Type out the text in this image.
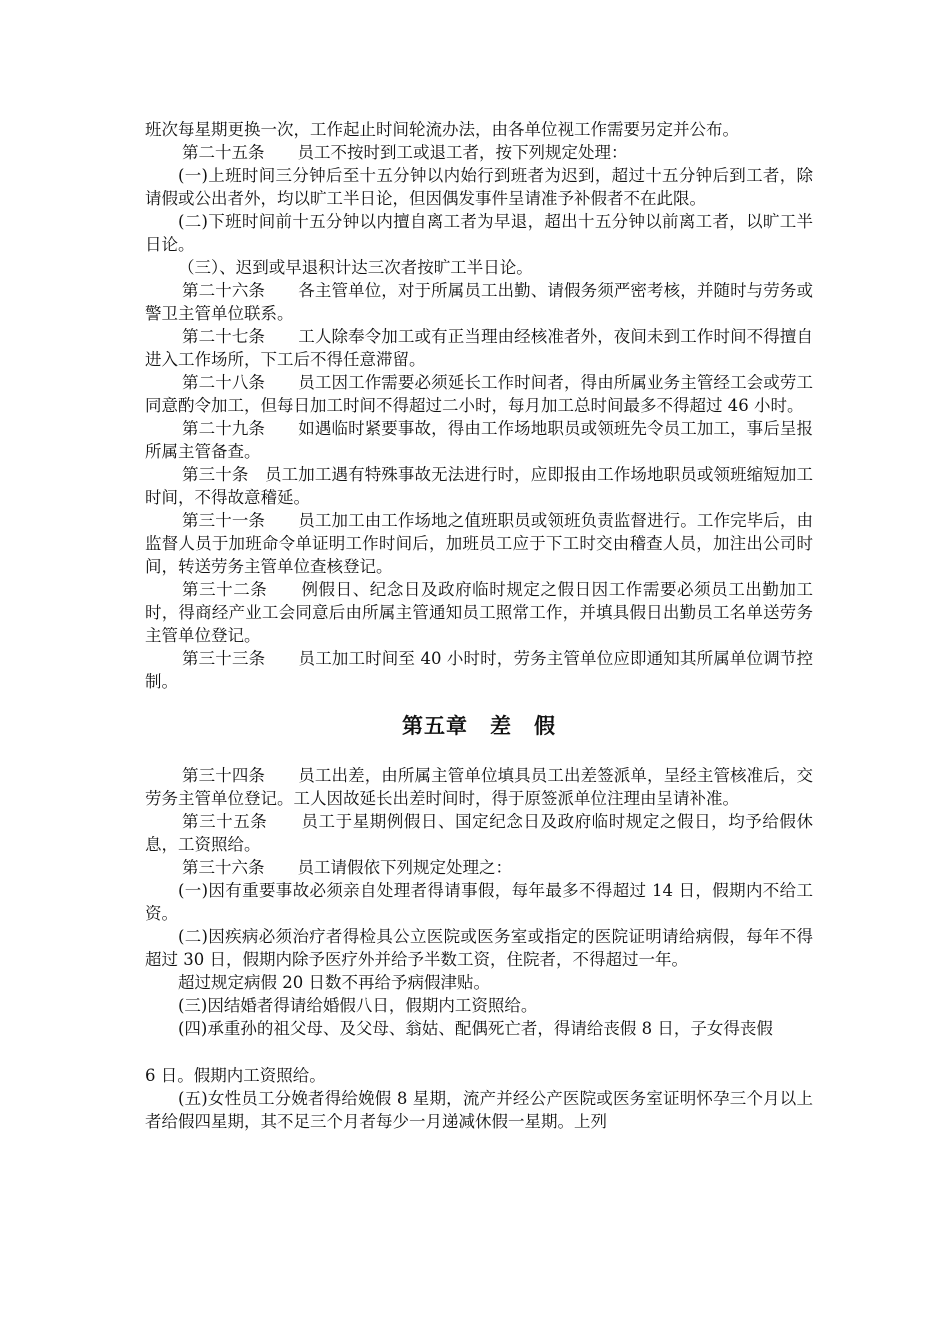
班次每星期更换一次，工作起止时间轮流办法，由各单位视工作需要另定并公布。

第二十五条　　员工不按时到工或退工者，按下列规定处理：

(一)上班时间三分钟后至十五分钟以内始行到班者为迟到，超过十五分钟后到工者，除请假或公出者外，均以旷工半日论，但因偶发事件呈请准予补假者不在此限。

(二)下班时间前十五分钟以内擅自离工者为早退，超出十五分钟以前离工者，以旷工半日论。

（三）、迟到或早退积计达三次者按旷工半日论。

第二十六条　　各主管单位，对于所属员工出勤、请假务须严密考核，并随时与劳务或警卫主管单位联系。

第二十七条　　工人除奉令加工或有正当理由经核准者外，夜间未到工作时间不得擅自进入工作场所，下工后不得任意滞留。

第二十八条　　员工因工作需要必须延长工作时间者，得由所属业务主管经工会或劳工同意酌令加工，但每日加工时间不得超过二小时，每月加工总时间最多不得超过 46 小时。

第二十九条　　如遇临时紧要事故，得由工作场地职员或领班先令员工加工，事后呈报所属主管备查。

第三十条　员工加工遇有特殊事故无法进行时，应即报由工作场地职员或领班缩短加工时间，不得故意稽延。

第三十一条　　员工加工由工作场地之值班职员或领班负责监督进行。工作完毕后，由监督人员于加班命令单证明工作时间后，加班员工应于下工时交由稽查人员，加注出公司时间，转送劳务主管单位查核登记。

第三十二条　　例假日、纪念日及政府临时规定之假日因工作需要必须员工出勤加工时，得商经产业工会同意后由所属主管通知员工照常工作，并填具假日出勤员工名单送劳务主管单位登记。

第三十三条　　员工加工时间至 40 小时时，劳务主管单位应即通知其所属单位调节控制。

第五章　差　假

第三十四条　　员工出差，由所属主管单位填具员工出差签派单，呈经主管核准后，交劳务主管单位登记。工人因故延长出差时间时，得于原签派单位注理由呈请补准。

第三十五条　　员工于星期例假日、国定纪念日及政府临时规定之假日，均予给假休息，工资照给。

第三十六条　　员工请假依下列规定处理之：

(一)因有重要事故必须亲自处理者得请事假，每年最多不得超过 14 日，假期内不给工资。

(二)因疾病必须治疗者得检具公立医院或医务室或指定的医院证明请给病假，每年不得超过 30 日，假期内除予医疗外并给予半数工资，住院者，不得超过一年。

超过规定病假 20 日数不再给予病假津贴。

(三)因结婚者得请给婚假八日，假期内工资照给。

(四)承重孙的祖父母、及父母、翁姑、配偶死亡者，得请给丧假 8 日，子女得丧假

6 日。假期内工资照给。

(五)女性员工分娩者得给娩假 8 星期，流产并经公产医院或医务室证明怀孕三个月以上者给假四星期，其不足三个月者每少一月递减休假一星期。上列
